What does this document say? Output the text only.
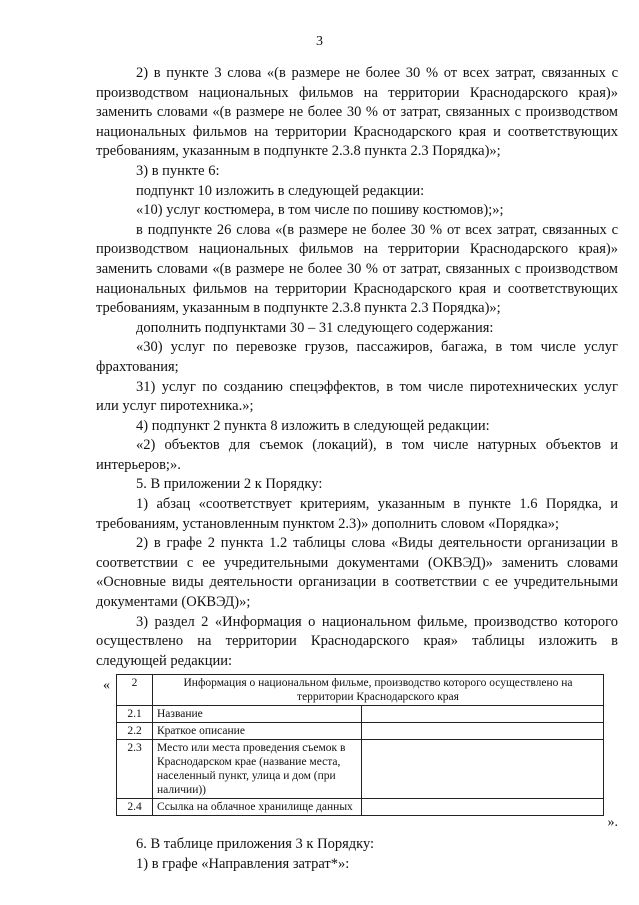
3

2) в пункте 3 слова «(в размере не более 30 % от всех затрат, связанных с производством национальных фильмов на территории Краснодарского края)» заменить словами «(в размере не более 30 % от затрат, связанных с производством национальных фильмов на территории Краснодарского края и соответствующих требованиям, указанным в подпункте 2.3.8 пункта 2.3 Порядка)»;

3) в пункте 6:

подпункт 10 изложить в следующей редакции:

«10) услуг костюмера, в том числе по пошиву костюмов);»;

в подпункте 26 слова «(в размере не более 30 % от всех затрат, связанных с производством национальных фильмов на территории Краснодарского края)» заменить словами «(в размере не более 30 % от затрат, связанных с производством национальных фильмов на территории Краснодарского края и соответствующих требованиям, указанным в подпункте 2.3.8 пункта 2.3 Порядка)»;

дополнить подпунктами 30 – 31 следующего содержания:

«30) услуг по перевозке грузов, пассажиров, багажа, в том числе услуг фрахтования;

31) услуг по созданию спецэффектов, в том числе пиротехнических услуг или услуг пиротехника.»;

4) подпункт 2 пункта 8 изложить в следующей редакции:

«2) объектов для съемок (локаций), в том числе натурных объектов и интерьеров;».

5. В приложении 2 к Порядку:

1) абзац «соответствует критериям, указанным в пункте 1.6 Порядка, и требованиям, установленным пунктом 2.3)» дополнить словом «Порядка»;

2) в графе 2 пункта 1.2 таблицы слова «Виды деятельности организации в соответствии с ее учредительными документами (ОКВЭД)» заменить словами «Основные виды деятельности организации в соответствии с ее учредительными документами (ОКВЭД)»;

3) раздел 2 «Информация о национальном фильме, производство которого осуществлено на территории Краснодарского края» таблицы изложить в следующей редакции:

« 2	Информация о национальном фильме, производство которого осуществлено на территории Краснодарского края	
2.1	Название	
2.2	Краткое описание	
2.3	Место или места проведения съемок в Краснодарском крае (название места, населенный пункт, улица и дом (при наличии))	
2.4	Ссылка на облачное хранилище данных	
».

6. В таблице приложения 3 к Порядку:

1) в графе «Направления затрат*»:
